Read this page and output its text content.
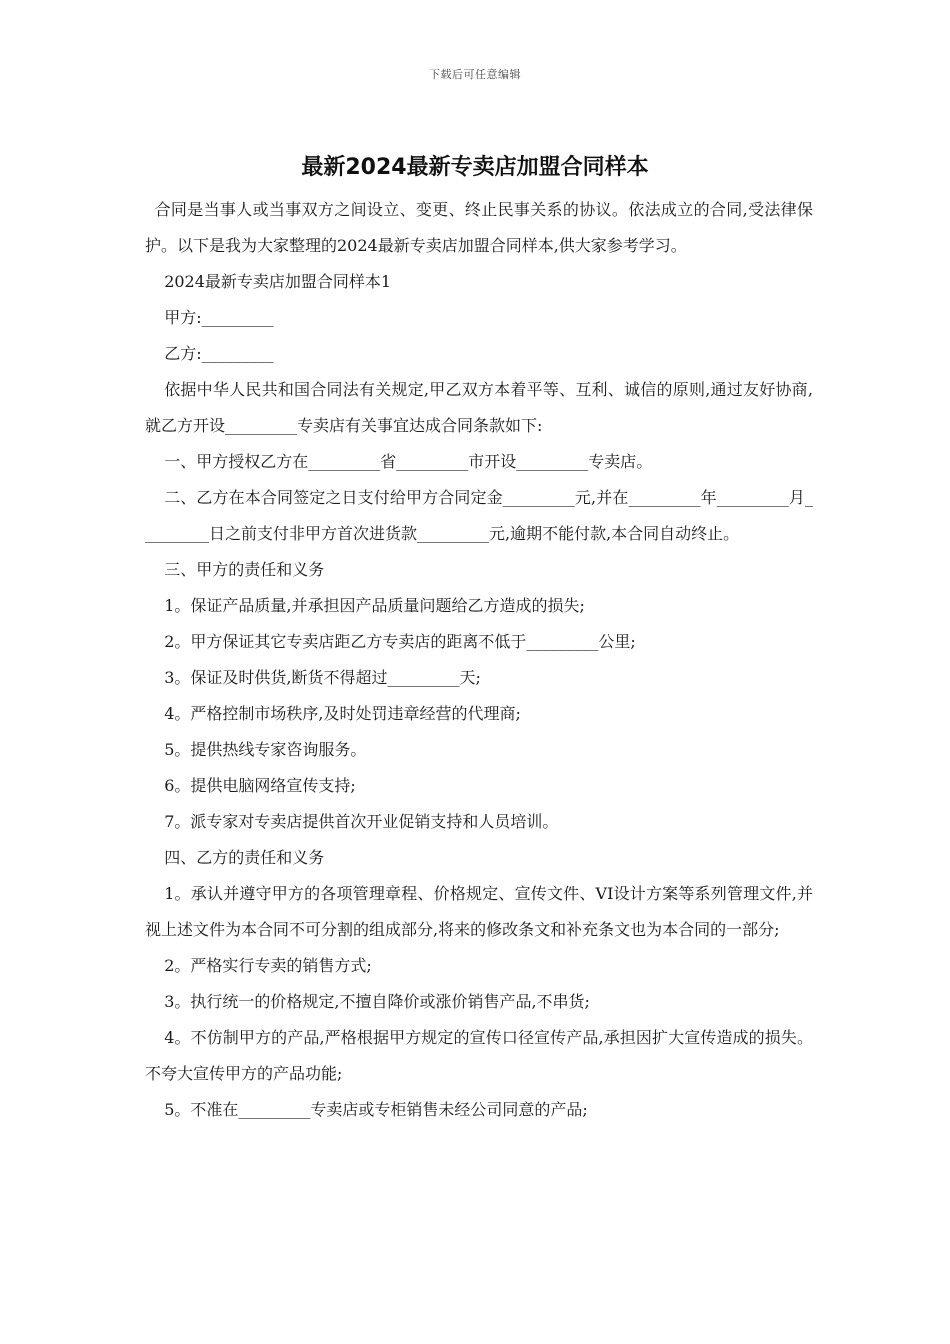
下载后可任意编辑
最新2024最新专卖店加盟合同样本

合同是当事人或当事双方之间设立、变更、终止民事关系的协议。依法成立的合同,受法律保护。以下是我为大家整理的2024最新专卖店加盟合同样本,供大家参考学习。

2024最新专卖店加盟合同样本1

甲方:_________

乙方:_________

依据中华人民共和国合同法有关规定,甲乙双方本着平等、互利、诚信的原则,通过友好协商,就乙方开设_________专卖店有关事宜达成合同条款如下:

一、甲方授权乙方在_________省_________市开设_________专卖店。

二、乙方在本合同签定之日支付给甲方合同定金_________元,并在_________年_________月_________日之前支付非甲方首次进货款_________元,逾期不能付款,本合同自动终止。

三、甲方的责任和义务

1。保证产品质量,并承担因产品质量问题给乙方造成的损失;

2。甲方保证其它专卖店距乙方专卖店的距离不低于_________公里;

3。保证及时供货,断货不得超过_________天;

4。严格控制市场秩序,及时处罚违章经营的代理商;

5。提供热线专家咨询服务。

6。提供电脑网络宣传支持;

7。派专家对专卖店提供首次开业促销支持和人员培训。

四、乙方的责任和义务

1。承认并遵守甲方的各项管理章程、价格规定、宣传文件、VI设计方案等系列管理文件,并视上述文件为本合同不可分割的组成部分,将来的修改条文和补充条文也为本合同的一部分;

2。严格实行专卖的销售方式;

3。执行统一的价格规定,不擅自降价或涨价销售产品,不串货;

4。不仿制甲方的产品,严格根据甲方规定的宣传口径宣传产品,承担因扩大宣传造成的损失。不夸大宣传甲方的产品功能;

5。不准在_________专卖店或专柜销售未经公司同意的产品;
